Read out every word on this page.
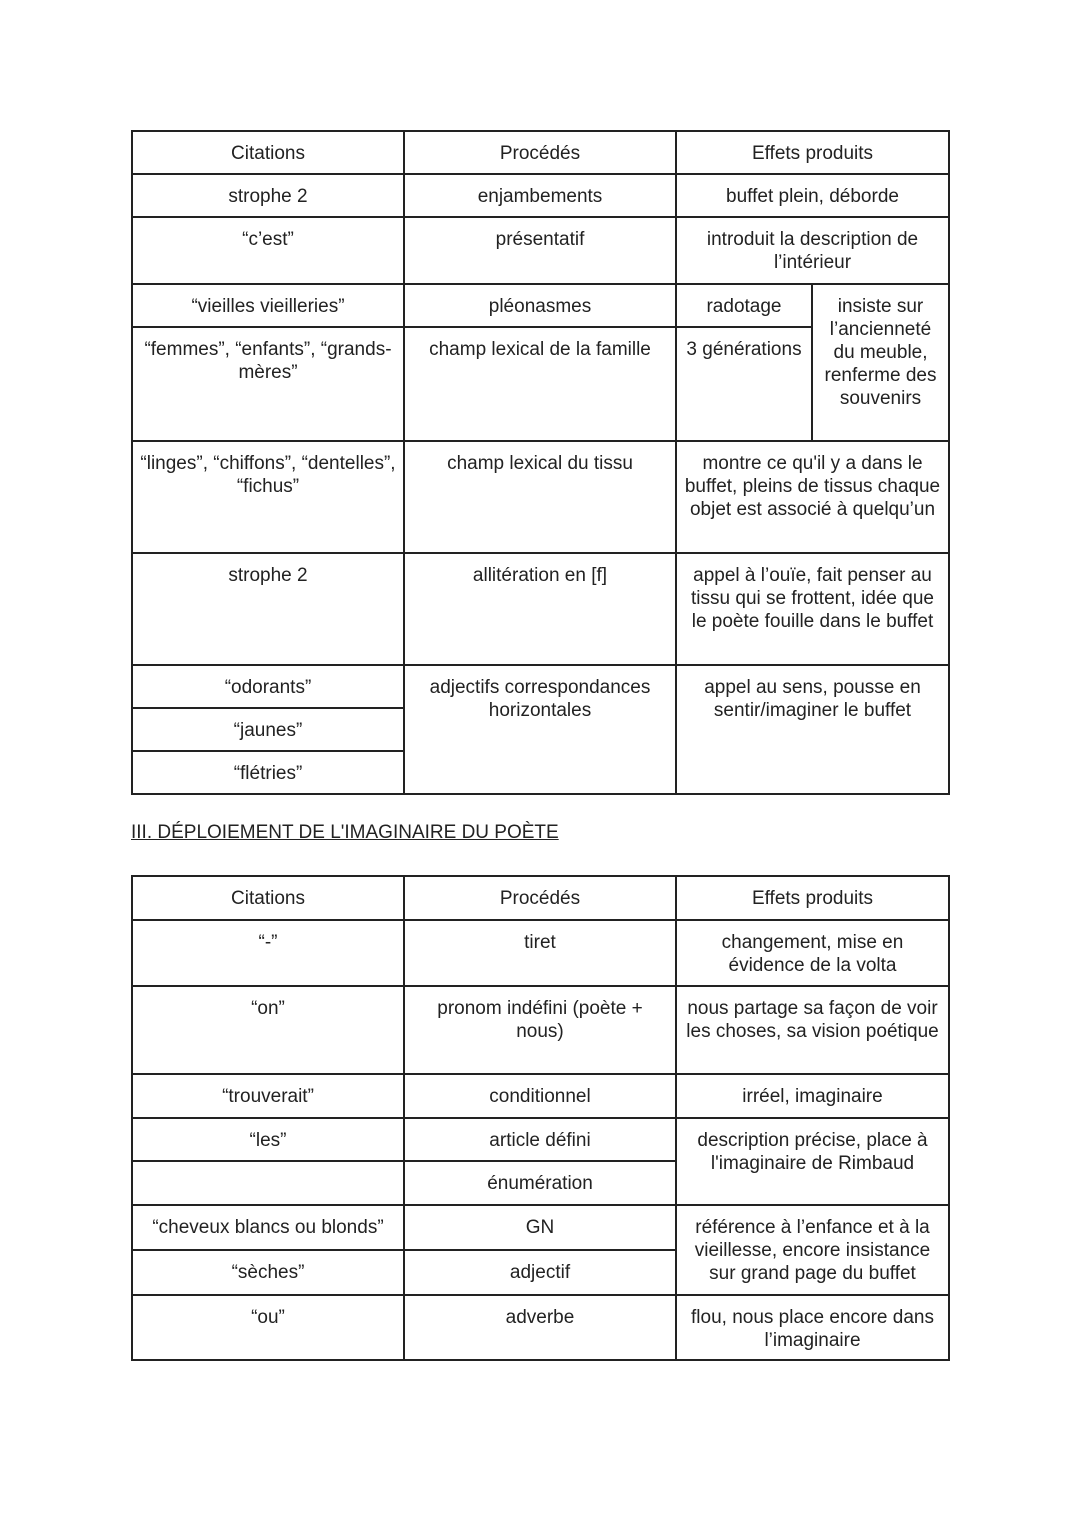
Citations	Procédés	Effets produits	
strophe 2	enjambements	buffet plein, déborde	
“c’est”	présentatif	introduit la description de l’intérieur	
“vieilles vieilleries”	pléonasmes	radotage	insiste sur l’ancienneté du meuble, renferme des souvenirs
“femmes”, “enfants”, “grands-mères”	champ lexical de la famille	3 générations	
“linges”, “chiffons”, “dentelles”, “fichus”	champ lexical du tissu	montre ce qu'il y a dans le buffet, pleins de tissus chaque objet est associé à quelqu’un	
strophe 2	allitération en [f]	appel à l’ouïe, fait penser au tissu qui se frottent, idée que le poète fouille dans le buffet	
“odorants”	adjectifs correspondances horizontales	appel au sens, pousse en sentir/imaginer le buffet	
“jaunes”			
“flétries”			
III. DÉPLOIEMENT DE L'IMAGINAIRE DU POÈTE
Citations	Procédés	Effets produits
“-”	tiret	changement, mise en évidence de la volta
“on”	pronom indéfini (poète + nous)	nous partage sa façon de voir les choses, sa vision poétique
“trouverait”	conditionnel	irréel, imaginaire
“les”	article défini	description précise, place à l'imaginaire de Rimbaud
	énumération	
“cheveux blancs ou blonds”	GN	référence à l’enfance et à la vieillesse, encore insistance sur grand page du buffet
“sèches”	adjectif	
“ou”	adverbe	flou, nous place encore dans l’imaginaire
